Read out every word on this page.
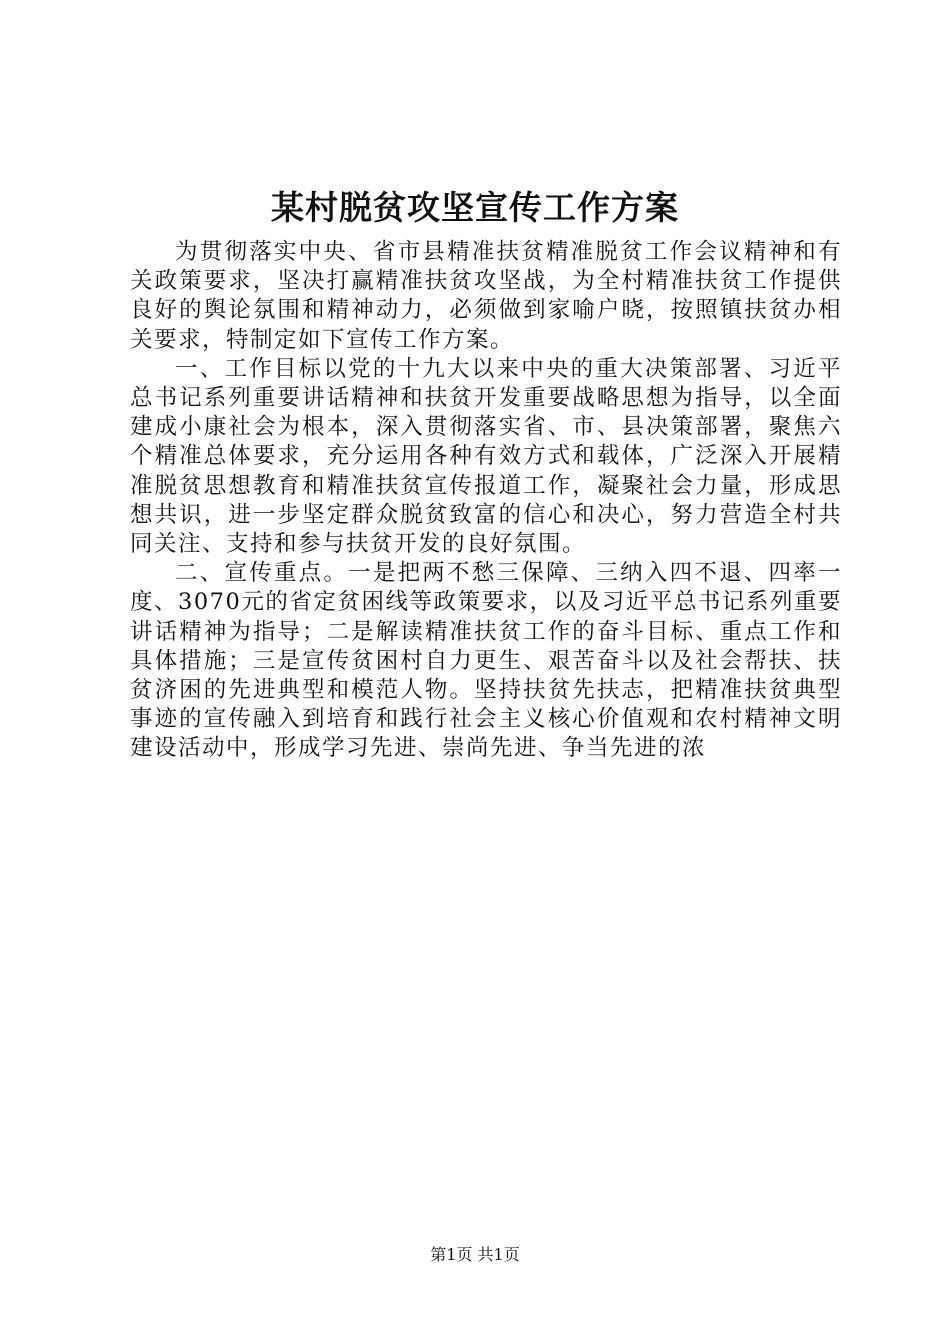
某村脱贫攻坚宣传工作方案

为贯彻落实中央、省市县精准扶贫精准脱贫工作会议精神和有关政策要求，坚决打赢精准扶贫攻坚战，为全村精准扶贫工作提供良好的舆论氛围和精神动力，必须做到家喻户晓，按照镇扶贫办相关要求，特制定如下宣传工作方案。

一、工作目标以党的十九大以来中央的重大决策部署、习近平总书记系列重要讲话精神和扶贫开发重要战略思想为指导，以全面建成小康社会为根本，深入贯彻落实省、市、县决策部署，聚焦六个精准总体要求，充分运用各种有效方式和载体，广泛深入开展精准脱贫思想教育和精准扶贫宣传报道工作，凝聚社会力量，形成思想共识，进一步坚定群众脱贫致富的信心和决心，努力营造全村共同关注、支持和参与扶贫开发的良好氛围。

二、宣传重点。一是把两不愁三保障、三纳入四不退、四率一度、3070元的省定贫困线等政策要求，以及习近平总书记系列重要讲话精神为指导；二是解读精准扶贫工作的奋斗目标、重点工作和具体措施；三是宣传贫困村自力更生、艰苦奋斗以及社会帮扶、扶贫济困的先进典型和模范人物。坚持扶贫先扶志，把精准扶贫典型事迹的宣传融入到培育和践行社会主义核心价值观和农村精神文明建设活动中，形成学习先进、崇尚先进、争当先进的浓

第1页 共1页
